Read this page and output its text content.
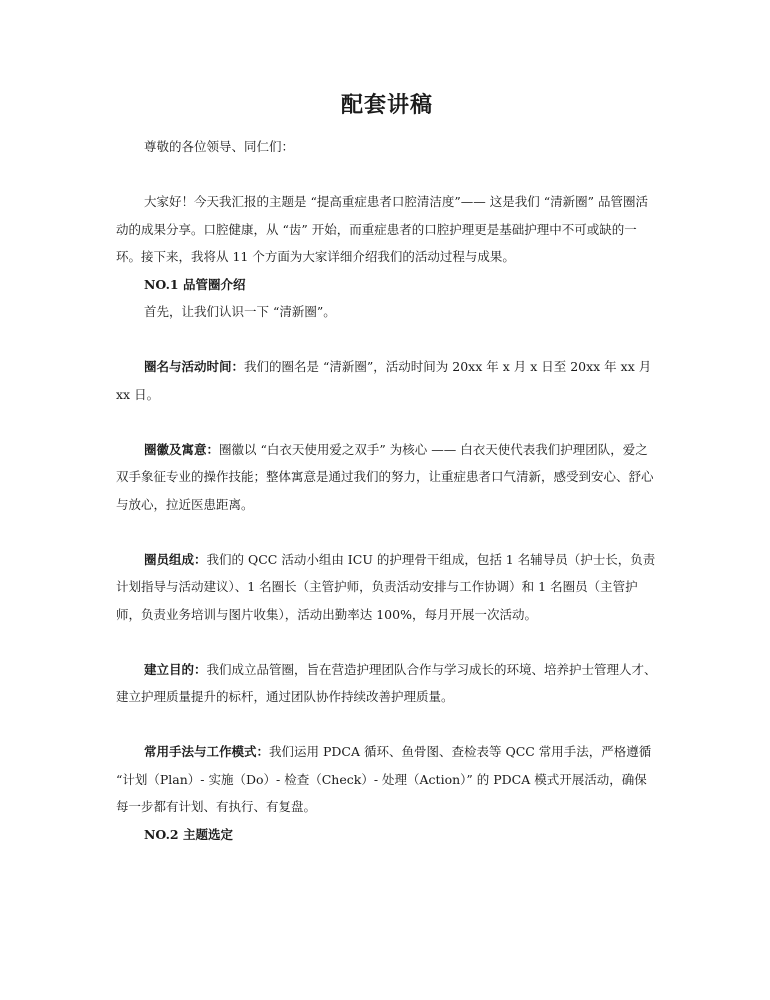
配套讲稿

尊敬的各位领导、同仁们：

大家好！今天我汇报的主题是 “提高重症患者口腔清洁度”—— 这是我们 “清新圈” 品管圈活动的成果分享。口腔健康，从 “齿” 开始，而重症患者的口腔护理更是基础护理中不可或缺的一环。接下来，我将从 11 个方面为大家详细介绍我们的活动过程与成果。

NO.1 品管圈介绍

首先，让我们认识一下 “清新圈”。

圈名与活动时间：我们的圈名是 “清新圈”，活动时间为 20xx 年 x 月 x 日至 20xx 年 xx 月 xx 日。

圈徽及寓意：圈徽以 “白衣天使用爱之双手” 为核心 —— 白衣天使代表我们护理团队，爱之双手象征专业的操作技能；整体寓意是通过我们的努力，让重症患者口气清新，感受到安心、舒心与放心，拉近医患距离。

圈员组成：我们的 QCC 活动小组由 ICU 的护理骨干组成，包括 1 名辅导员（护士长，负责计划指导与活动建议）、1 名圈长（主管护师，负责活动安排与工作协调）和 1 名圈员（主管护师，负责业务培训与图片收集），活动出勤率达 100%，每月开展一次活动。

建立目的：我们成立品管圈，旨在营造护理团队合作与学习成长的环境、培养护士管理人才、建立护理质量提升的标杆，通过团队协作持续改善护理质量。

常用手法与工作模式：我们运用 PDCA 循环、鱼骨图、查检表等 QCC 常用手法，严格遵循 “计划（Plan）- 实施（Do）- 检查（Check）- 处理（Action）” 的 PDCA 模式开展活动，确保每一步都有计划、有执行、有复盘。

NO.2 主题选定
